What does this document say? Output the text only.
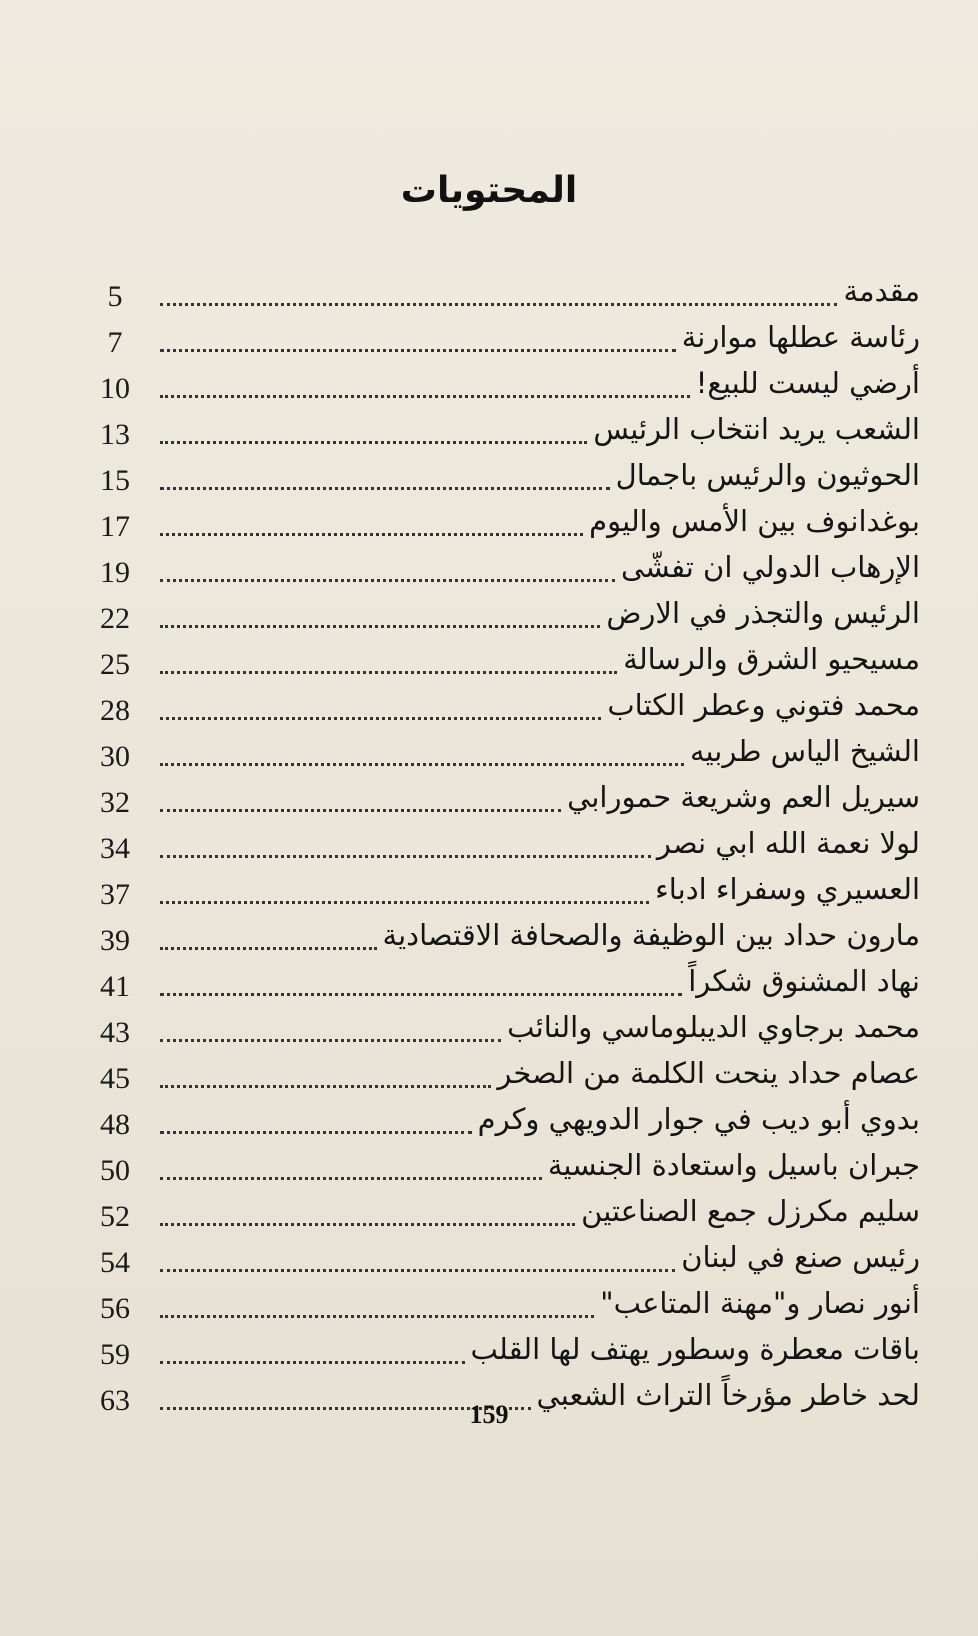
المحتويات
5	مقدمة
7	رئاسة عطلها موارنة
10	أرضي ليست للبيع!
13	الشعب يريد انتخاب الرئيس
15	الحوثيون والرئيس باجمال
17	بوغدانوف بين الأمس واليوم
19	الإرهاب الدولي ان تفشّى
22	الرئيس والتجذر في الارض
25	مسيحيو الشرق والرسالة
28	محمد فتوني وعطر الكتاب
30	الشيخ الياس طربيه
32	سيريل العم وشريعة حمورابي
34	لولا نعمة الله ابي نصر
37	العسيري وسفراء ادباء
39	مارون حداد بين الوظيفة والصحافة الاقتصادية
41	نهاد المشنوق شكراً
43	محمد برجاوي الديبلوماسي والنائب
45	عصام حداد ينحت الكلمة من الصخر
48	بدوي أبو ديب في جوار الدويهي وكرم
50	جبران باسيل واستعادة الجنسية
52	سليم مكرزل جمع الصناعتين
54	رئيس صنع في لبنان
56	أنور نصار و"مهنة المتاعب"
59	باقات معطرة وسطور يهتف لها القلب
63	لحد خاطر مؤرخاً التراث الشعبي
159
